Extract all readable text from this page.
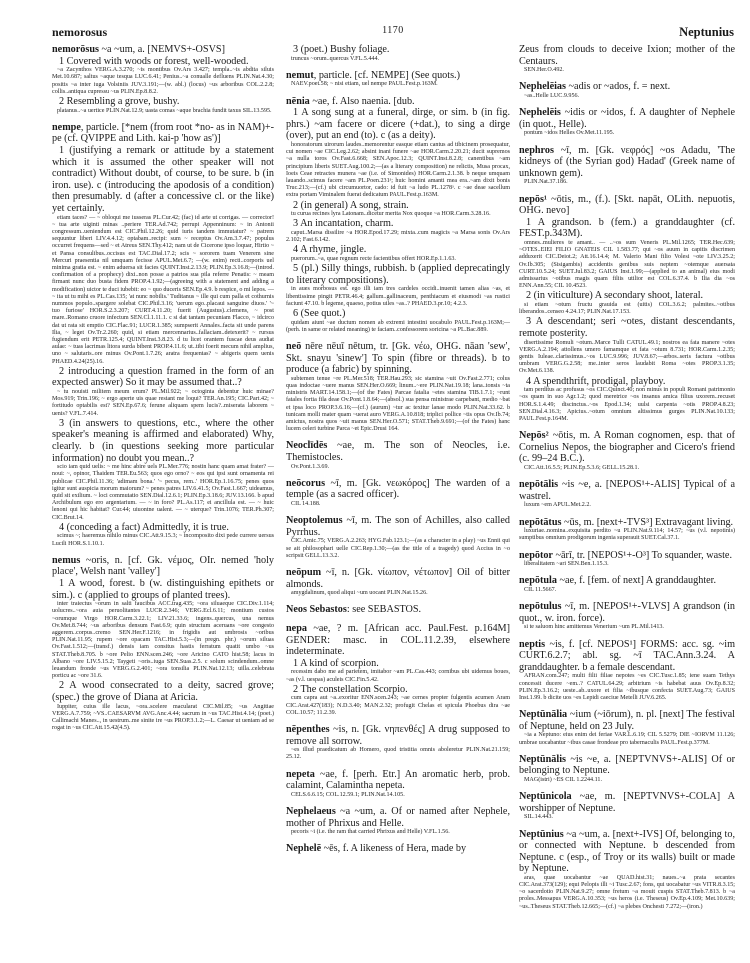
nemorosus	1170	Neptunius

nemorōsus ~a ~um, a. [NEMVS+-OSVS]

1 Covered with woods or forest, well-wooded.

~a Zacynthos VERG.A.3.270; ~is montibus Ov.Ars 3.427; templa..~is abdita siluis Met.10.687; saltus ~aque tesqua LUC.6.41; Penius..~a conualle defluens PLIN.Nat.4.30; positis ~a inter iuga Volsiniis JUV.3.191;—(w. abl.) (locus) ~us arboribus COL.2.2.8; collis..antiqua cupressu ~us PLIN.Ep.8.8.2.

2 Resembling a grove, bushy.

platanus..~a uertice PLIN.Nat.12.9; uasta comas ~aque brachia fundit taxus SIL.13.595.

nempe, particle. [*nem (from root *no- as in NAM)+-pe (cf. QVIPPE and Lith. kai-p 'how as')]

1 (justifying a remark or attitude by a statement which it is assumed the other speaker will not contradict) Without doubt, of course, to be sure. b (in iron. use). c (introducing the apodosis of a condition) then presumably. d (after a concessive cl. or the like) yet certainly.

etiam taces? — ~ obloqui me iusseras PL.Cur.42; (fac) id arte ut corrigas. — corrector! ~ tua arte uiginti minas ..periere TER.Ad.742; perrupi Appenninum: ~ in Antonii congressum..ueniendum est CIC.Phil.12.26; quid iuris tandem immutatur? ~ patrem sequuntur liberi LIV.4.4.12; optabam..recipi: sum ~ receptus Ov.Am.3.7.47; populus occurret frequens—sed ~ et Atreus SEN.Thy.412; nam ut de Cicerone ipso loquar, Hirtio ~ et Pansa consulibus..occisus est TAC.Dial.17.2; scis ~ sororem tuam Venerem sine Mercuri praesentia nil umquam fecisse APUL.Met.6.7; —(w. enim) recti..corporis uel minima gratia est. ~ enim aduersa sit facies QUINT.Inst.2.13.9; PLIN.Ep.3.16.8;—(introd. confirmation of a prophecy) dixi..non posse a patrios sua pila referre Penatis: ~ meam firmant nunc duo busta fidem PROP.4.1.92;—(agreeing with a statement and adding a modification) uictor te duci iubebit: eo ~ quo duceris SEN.Ep.4.9. b respice, o mi lepos. — ~ ita ut tu mihi es PL.Cas.135; 'at nunc nobilis.' Tuditanus ~ ille qui cum palla et cothurnis nummos populo..spargere solebat CIC.Phil.3.16; 'uerum ego..placaui sanguine diuos.' '~ tuo furiose' HOR.S.2.3.207; CURT.4.11.20; fuerit (Augustus)..clemens, ~ post mare..Romano cruore infectum SEN.Cl.1.11.1. c si dat tantam pecuniam Flacco, ~ idcirco dat ut rata sit emptio CIC.Flac.91; LUCR.1.385; sumpserit Annales..facta sit unde parens Ilia, ~ leget Ov.Tr.2.260; quid, si etiam mercennarius..fallaciam..detexerit? ~ rursus fugiendum erit PETR.125.4; QUINT.Inst.3.8.23. d tu licet orantem fuscae deus audiat aulae: ~ tuas lacrimas litora surda bibent PROP.4.11.6; ut..tibi foerit mecum nihil amplius, uno ~ salutaris..ore minus Ov.Pont.1.7.26; aratra frequentas? ~ abigeris quem uenis PHAED.4.24(25).16.

2 introducing a question framed in the form of an expected answer) So it may be assumed that..?

~ tu nouisti militem meum erum? PL.Mil.922; ~ octoginta debentur huic minae? Mos.919; Trin.196; ~ ergo aperte uis quae restant me loqui? TER.An.195; CIC.Part.42; ~ fortitudo optabilis est? SEN.Ep.67.6; ferune aliquam spem lucis?..miserata laborem ~ uenis? V.FL.7.414.

3 (in answers to questions, etc., where the other speaker's meaning is affirmed and elaborated) Why, clearly. b (in questions seeking more particular information) no doubt you mean..?

scio iam quid uelis: ~ me hinc abire uels PL.Mer.776; nostin hanc quam amat frater? — noui: ~, opinor, Thaidem TER.Eu.563; quos ego orno? ~ eos qui ipsi sunt ornamenta rei publicae CIC.Phil.11.36; 'adimam bona.' '~ pecus, rem..' HOR.Ep.1.16.75; penes quos igitur sunt auspicia morum maiorum? ~ penes patres LIV.6.41.5; Ov.Fast.1.667; uideamus, quid sit exilium. ~ loci commutatio SEN.Dial.12.6.1; PLIN.Ep.3.18.6; JUV.13.166. b apud Archibulum ego ero argentarium. — ~ in foro? PL.As.117; ei ancillula est. — ~ huic lenoni qui hic habitat? Cur.44; uiuontne ualent. — ~ uterque? Trin.1076; TER.Ph.307; CIC.Brut.14.

4 (conceding a fact) Admittedly, it is true.

scimus ~; haeremus nihilo minus CIC.Att.9.15.3; ~ incomposito dixi pede currere uersus Lucili HOR.S.1.10.1.

nemus ~oris, n. [cf. Gk. νέμος, OIr. nemed 'holy place', Welsh nant 'valley']

1 A wood, forest. b (w. distinguishing epithets or sim.). c (applied to groups of planted trees).

inter traiectus ~orum in salti faucibus ACC.trag.435; ~ora siluaeque CIC.Div.1.114; uolucres..~ora auia peruolitantes LUCR.2.346; VERG.Ecl.6.11; montium custos ~orumque Virgo HOR.Carm.3.22.1; LIV.21.33.6; ingens..quercus, una nemus Ov.Met.8.744; ~us arboribus densum Fast.6.9; quin structum aceruans ~ore congesto aggerem..corpus..cremo SEN.Her.F.1216; in frigidis aut umbrosis ~oribus PLIN.Nat.11.95; rupem ~ore opacam TAC.Hist.5.3;—(in pregn. phr.) ~orum siluas Ov.Fast.1.512;—(transf.) densis iam consitus hastis ferratum quatit umbo ~us STAT.Theb.8.705. b ~ore Pelio ENN.scen.246; ~ore Aricino CATO hist.58; lacus in Albano ~ore LIV.5.15.2; Taygeti ~oris..iuga SEN.Suas.2.5. c solum scindendum..omne leuandum fronde ~us VERG.G.2.401; ~ora tonsilia PLIN.Nat.12.13; uilla..celebrata porticu ac ~ore 31.6.

2 A wood consecrated to a deity, sacred grove; (spec.) the grove of Diana at Aricia.

Iuppiter, cuius ille lacus, ~ora..scelere macularat CIC.Mil.85; ~us Angitiae VERG.A.7.759; ~VS..CAESARVM AVG.Anc.4.44; sacrum in ~us TAC.Hist.4.14; (poet.) Callimachi Manes.., in uestrum..me sinite ire ~us PROP.3.1.2;—L. Caesar ut ueniam ad se rogat in ~us CIC.Att.15.42(4.5).

3 (poet.) Bushy foliage.

truncus ~orum..quercus V.FL.5.444.

nemut, particle. [cf. NEMPE] (See quots.)

NAEV.poet.58; ~ nisi etiam, uel nempe PAUL.Fest.p.163M.

nēnia ~ae, f. Also naenia. [dub.

1 A song sung at a funeral, dirge, or sim. b (in fig. phrs.) ~am facere or dicere (+dat.), to sing a dirge (over), put an end (to). c (as a deity).

honoratorum uirorum laudes..memorentur easque etiam cantus ad tibicinem prosequatur, cui nomen ~ae CIC.Leg.2.62; absint inani funere ~ae HOR.Carm.2.20.21; ducit supremos ~a nulla toros Ov.Fast.6.668; SEN.Apoc.12.3; QUINT.Inst.8.2.8; canentibus ~am principium liberis SUET.Aug.100.2;—(as a literary composition) ne relictis, Musa procax, Ioeis Ceae retractes munera ~ae (i.e. of Simonides) HOR.Carm.2.1.38. b neque umquam lauando..scimus facere ~am PL.Poen.231ᵃ; huic homini amanti mea era..~am dixit bonis Truc.213;—(cf.) ubi circumuortor, cado: id fuit ~a ludo PL.1278ᵃ. c ~ae deae sacellum extra portam Viminalem fuerat dedicatum PAUL.Fest.p.163M.

2 (in general) A song, strain.

tu curua recines lyra Latonam..dicetur merita Nox quoque ~a HOR.Carm.3.28.16.

3 An incantation, charm.

caput..Marsa dissilire ~a HOR.Epod.17.29; mixta..cum magicis ~a Marsa sonis Ov.Ars 2.102; Fast.6.142.

4 A rhyme, jingle.

puerorum..~a, quae regnum recte facientibus offert HOR.Ep.1.1.63.

5 (pl.) Silly things, rubbish. b (applied deprecatingly to literary compositions).

in aues morbosus est. ego illi iam tres cardeles occidi..inuenit tamen alias ~as, et libentissime pingit PETR.46.4; gallum..gallinaceum, penthiacum et eiusmodi ~as rustici faciunt 47.10. b legeme, quaeso, potius uiles ~as..? PHAED.3.pr.10; 4.2.3.

6 (See quot.)

quidam aiunt ~ae ductum nomen ab extremi intestini uocabulo PAUL.Fest.p.163M;—(perh. in same or related meaning) te faciam..confessorem soricina ~a PL.Bac.889.

neō nēre nēuī nētum, tr. [Gk. νέω, OHG. nāan 'sew', Skt. snayu 'sinew'] To spin (fibre or threads). b to produce (a fabric) by spinning.

subtemen tenue ~re PL.Mer.518; TER.Hau.293; sic stamina ~uit Ov.Fast.2.771; colus quas indoctae ~uere manus SEN.Her.O.669; linum..~ere PLIN.Nat.19.18; lana..tonsis ~ta ministris MART.14.158.1;—(of the Fates) Parcae fatalia ~etes stamina TIB.1.7.1; ~runt fatales fortia fila deae Ov.Pont.1.8.64;—(absol.) sua pensa ministrae carpebant, medio ~bat et ipsa loco PROP.3.6.16;—(cf.) (aurum) ~tur ac texitur lanae modo PLIN.Nat.33.62. b tunicam molli mater quam ~uerat auro VERG.A.10.818; triplici pollice ~tis opus Ov.Ib.74; amictus, nostra quos ~uit manus SEN.Her.O.571; STAT.Theb.9.691;—(of the Fates) hanc lucem celeri turbine Parca ~et Epic.Drusi 164.

Neoclīdēs ~ae, m. The son of Neocles, i.e. Themistocles.

Ov.Pont.1.3.69.

neōcorus ~ī, m. [Gk. νεωκόρος] The warden of a temple (as a sacred officer).

CIL 14.188.

Neoptolemus ~ī, m. The son of Achilles, also called Pyrrhus.

CIC.Amic.75; VERG.A.2.263; HYG.Fab.123.1;—(as a character in a play) ~us Ennii qui se ait philosophari uelle CIC.Rep.1.30;—(as the title of a tragedy) quod Accius in ~o scripsit GELL.13.3.2.

neōpum ~ī, n. [Gk. νίωπον, νέτωπον] Oil of bitter almonds.

amygdalinum, quod aliqui ~um uocant PLIN.Nat.15.26.

Neos Sebastos: see SEBASTOS.

nepa ~ae, ? m. [African acc. Paul.Fest. p.164M] GENDER: masc. in COL.11.2.39, elsewhere indeterminate.

1 A kind of scorpion.

recessim dabo me ad parietem, imitabor ~am PL.Cas.443; cornibus ubi uidemus boues, ~as (v.l. uespas) aculeis CIC.Fin.5.42.

2 The constellation Scorpio.

cum capra aut ~a..exoritur ENN.scen.243; ~ae cernes propter fulgentis acumen Aram CIC.Arat.427(183); N.D.3.40; MAN.2.32; profugit Chelas et spicula Phoebus dira ~ae COL.10.57; 11.2.39.

nēpenthes ~is, n. [Gk. νηπενθές] A drug supposed to remove all sorrow.

~es illud praedicatum ab Homero, quod tristitia omnis aboleretur PLIN.Nat.21.159; 25.12.

nepeta ~ae, f. [perh. Etr.] An aromatic herb, prob. calamint, Calamintha nepeta.

CELS.6.6.15; COL.12.59.1; PLIN.Nat.14.105.

Nephelaeus ~a ~um, a. Of or named after Nephele, mother of Phrixus and Helle.

pecoris ~i (i.e. the ram that carried Phrixus and Helle) V.FL.1.56.

Nephelē ~ēs, f. A likeness of Hera, made by

Zeus from clouds to deceive Ixion; mother of the Centaurs.

SEN.Her.O.492.

Nephelēias ~adis or ~ados, f. = next.

~as..Helle LUC.9.956.

Nephelēis ~idis or ~idos, f. A daughter of Nephele (in quot., Helle).

pontum ~idos Helles Ov.Met.11.195.

nephros ~ī, m. [Gk. νεφρός] ~os Adadu, 'The kidneys of (the Syrian god) Hadad' (Greek name of unknown gem).

PLIN.Nat.37.186.

nepōs¹ ~ōtis, m., (f.). [Skt. napāt, OLith. nepuotis, OHG. nevo]

1 A grandson. b (fem.) a granddaughter (cf. FEST.p.343M).

omnes..mulieres te amant.. — ..~os sum Veneris PL.Mil.1265; TER.Hec.639; ~OTES..EIEI FILIO GNATEIS CIL 1.583.77; qui ~os auum in capitis discrimen adduxerit CIC.Deiot.2; Att.16.14.4; M. Valerio Mani filio Volesi ~ote LIV.3.25.2; Ov.Ib.305; (Sisigambis) accidentis genibus suis neptem ~otemque auersata CURT.10.5.24; SUET.Jul.83.2; GAIUS Inst.1.99;—(applied to an animal) eius modi admissarius ~otibus magis quam filiis utilior est COL.6.37.4. b Ilia dia ~os ENN.Ann.55; CIL 10.4523.

2 (in viticulture) A secondary shoot, lateral.

si etiam ~otum fructu grauida est (uitis) COL.3.6.2; palmites..~otibus liberandos..censeo 4.24.17; PLIN.Nat.17.153.

3 A descendant; seri ~otes, distant descendants, remote posterity.

disertissime Romuli ~otum..Marce Tulli CATUL.49.1; nostros ea fata manere ~otes VERG.A.2.194; attollens umero famamque et fata ~otum 8.731; HOR.Carm.1.2.35; gentis Iuleae..clarissimus..~os LUC.9.996; JUV.8.67;—arbos..seris factura ~otibus umbram VERG.G.2.58; me..inter seros laudabit Roma ~otes PROP.3.1.35; Ov.Met.6.138.

4 A spendthrift, prodigal, playboy.

tam perditus ac profusus ~os CIC.Quinct.40; non minus in populi Romani patrimonio ~os quam in suo Agr.1.2; quod meretrice ~os insanus amica filius uxorem..recuset HOR.S.1.4.49; discinctus..~os Epod.1.34; uulsi carpenta ~otis PROP.4.8.23; SEN.Dial.4.16.3; Apicius..~otum omnium altissimus gurges PLIN.Nat.10.133; PAUL.Fest.p.164M.

Nepōs² ~ōtis, m. A Roman cognomen, esp. that of Cornelius Nepos, the biographer and Cicero's friend (c. 99–24 B.C.).

CIC.Att.16.5.5; PLIN.Ep.5.3.6; GELL.15.28.1.

nepōtālis ~is ~e, a. [NEPOS¹+-ALIS] Typical of a wastrel.

luxum ~em APUL.Met.2.2.

nepōtātus ~ūs, m. [next+-TVS³] Extravagant living.

luxuriae..nomina..exquisita perdito ~u PLIN.Nat.9.114; 14.57; ~us (v.l. nepotinis) sumptibus omnium prodigorum ingenia superauit SUET.Cal.37.1.

nepōtor ~ārī, tr. [NEPOS¹+-O³] To squander, waste.

liberalitatem ~ari SEN.Ben.1.15.3.

nepōtula ~ae, f. [fem. of next] A granddaughter.

CIL 11.5667.

nepōtulus ~ī, m. [NEPOS¹+-VLVS] A grandson (in quot., w. iron. force).

si te saluom hinc amittemus Venerium ~um PL.Mil.1413.

neptis ~is, f. [cf. NEPOS¹] FORMS: acc. sg. ~im CURT.6.2.7; abl. sg. ~ī TAC.Ann.3.24. A granddaughter. b a female descendant.

AFRAN.com.247; multi filii filiae nepotes ~es CIC.Tusc.1.85; iene suam Tethys concessit ducere ~em..? CATUL.64.29; arbitrium ~is habebat auus Ov.Ep.8.32; PLIN.Ep.3.16.2; ueste..ab..uxore et filia ~ibusque confecta SUET.Aug.73; GAIUS Inst.1.99. b dicite uos ~es Lepidi caeciue Metelli JUV.6.265.

Neptūnālia ~ium (~iōrum), n. pl. [next] The festival of Neptune, held on 23 July.

~ia a Neptuno: eius enim dei feriae VAR.L.6.19; CIL 5.5279; DIE ~IORVM 11.126; umbrae uocabantur ~ibus casae frondeae pro tabernaculis PAUL.Fest.p.377M.

Neptūnālis ~is ~e, a. [NEPTVNVS+-ALIS] Of or belonging to Neptune.

MAG(istri) ~ES CIL 1.2244.11.

Neptūnicola ~ae, m. [NEPTVNVS+-COLA] A worshipper of Neptune.

SIL.14.443.

Neptūnius ~a ~um, a. [next+-IVS] Of, belonging to, or connected with Neptune. b descended from Neptune. c (esp., of Troy or its walls) built or made by Neptune.

aras, quae uocabantur ~ae QUAD.hist.31; naues..~a prata secantes CIC.Arat.373(129); equi Pelopis illi ~i Tusc.2.67; fons, qui uocabatur ~us VITR.8.3.15; ~o sacerdotio PLIN.Nat.9.27; omne fretum ~a mouit cuspis STAT.Theb.7.813. b ~a proles..Messapus VERG.A.10.353; ~us heros (i.e. Theseus) Ov.Ep.4.109; Met.10.639; ~us..Theseus STAT.Theb.12.665;—(cf.) ~a plebes Onchesti 7.272;—(iron.)
